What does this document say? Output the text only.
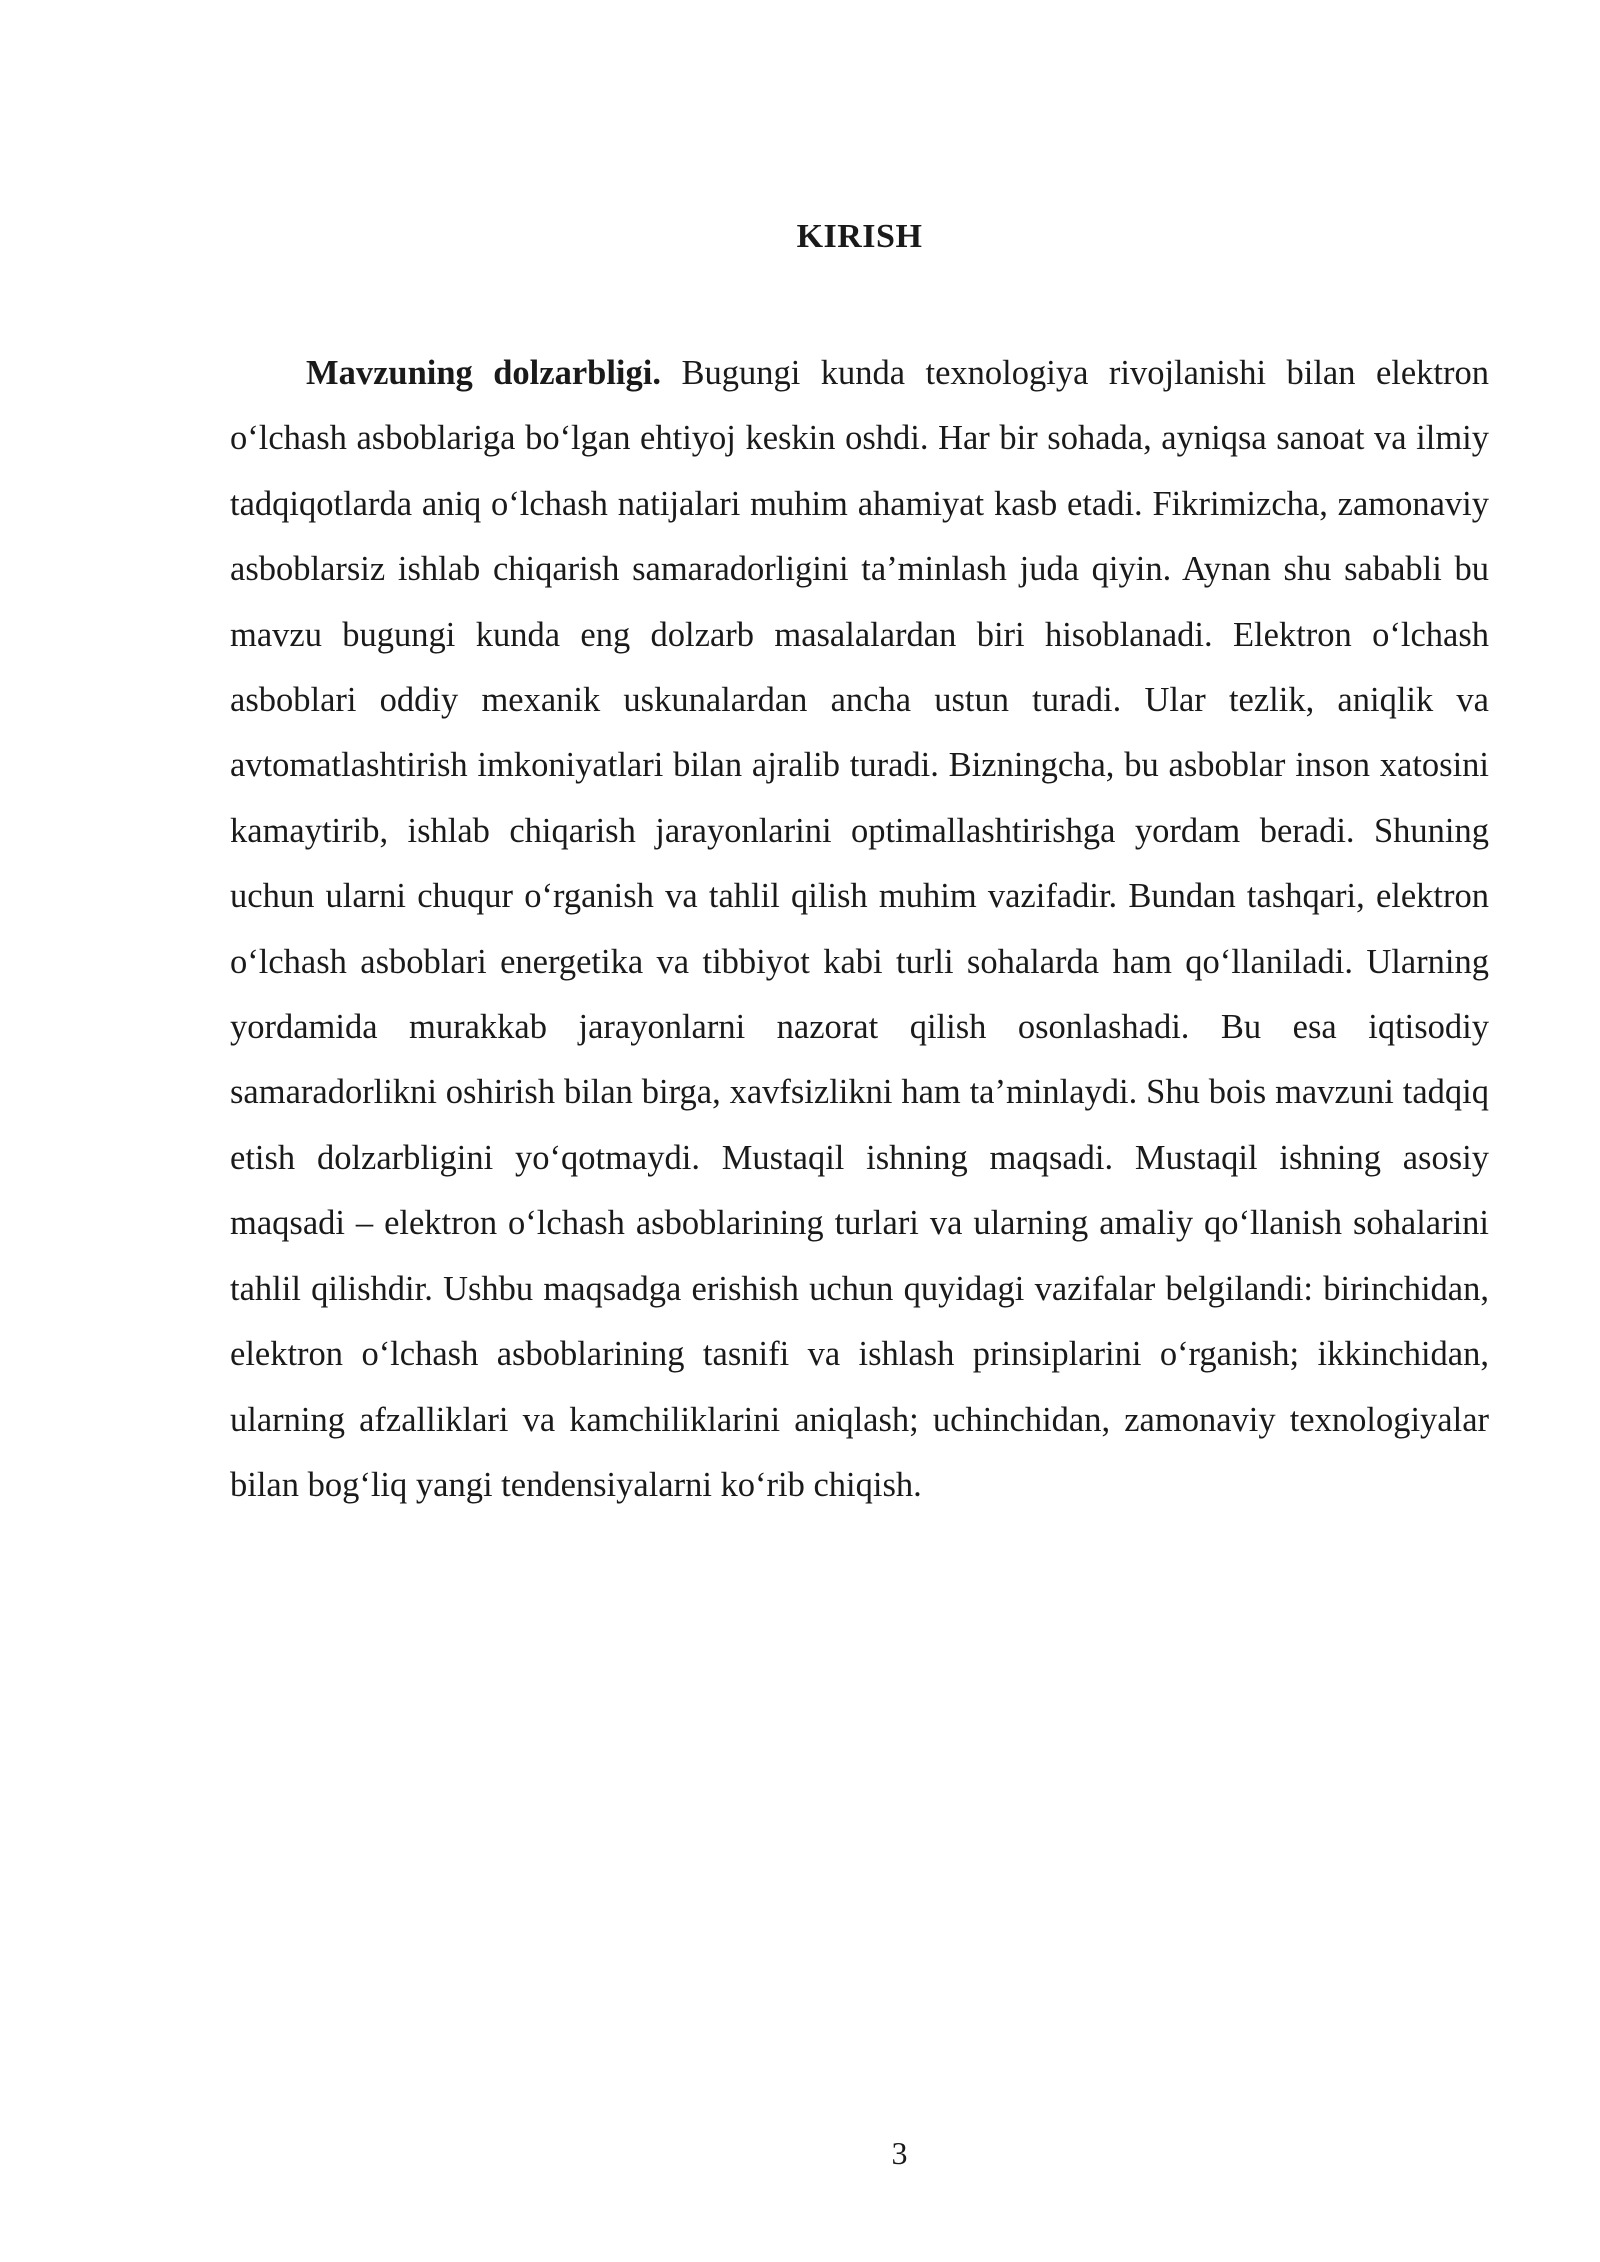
KIRISH

Mavzuning dolzarbligi. Bugungi kunda texnologiya rivojlanishi bilan elektron o‘lchash asboblariga bo‘lgan ehtiyoj keskin oshdi. Har bir sohada, ayniqsa sanoat va ilmiy tadqiqotlarda aniq o‘lchash natijalari muhim ahamiyat kasb etadi. Fikrimizcha, zamonaviy asboblarsiz ishlab chiqarish samaradorligini ta’minlash juda qiyin. Aynan shu sababli bu mavzu bugungi kunda eng dolzarb masalalardan biri hisoblanadi. Elektron o‘lchash asboblari oddiy mexanik uskunalardan ancha ustun turadi. Ular tezlik, aniqlik va avtomatlashtirish imkoniyatlari bilan ajralib turadi. Bizningcha, bu asboblar inson xatosini kamaytirib, ishlab chiqarish jarayonlarini optimallashtirishga yordam beradi. Shuning uchun ularni chuqur o‘rganish va tahlil qilish muhim vazifadir. Bundan tashqari, elektron o‘lchash asboblari energetika va tibbiyot kabi turli sohalarda ham qo‘llaniladi. Ularning yordamida murakkab jarayonlarni nazorat qilish osonlashadi. Bu esa iqtisodiy samaradorlikni oshirish bilan birga, xavfsizlikni ham ta’minlaydi. Shu bois mavzuni tadqiq etish dolzarbligini yo‘qotmaydi. Mustaqil ishning maqsadi. Mustaqil ishning asosiy maqsadi – elektron o‘lchash asboblarining turlari va ularning amaliy qo‘llanish sohalarini tahlil qilishdir. Ushbu maqsadga erishish uchun quyidagi vazifalar belgilandi: birinchidan, elektron o‘lchash asboblarining tasnifi va ishlash prinsiplarini o‘rganish; ikkinchidan, ularning afzalliklari va kamchiliklarini aniqlash; uchinchidan, zamonaviy texnologiyalar bilan bog‘liq yangi tendensiyalarni ko‘rib chiqish.

3
